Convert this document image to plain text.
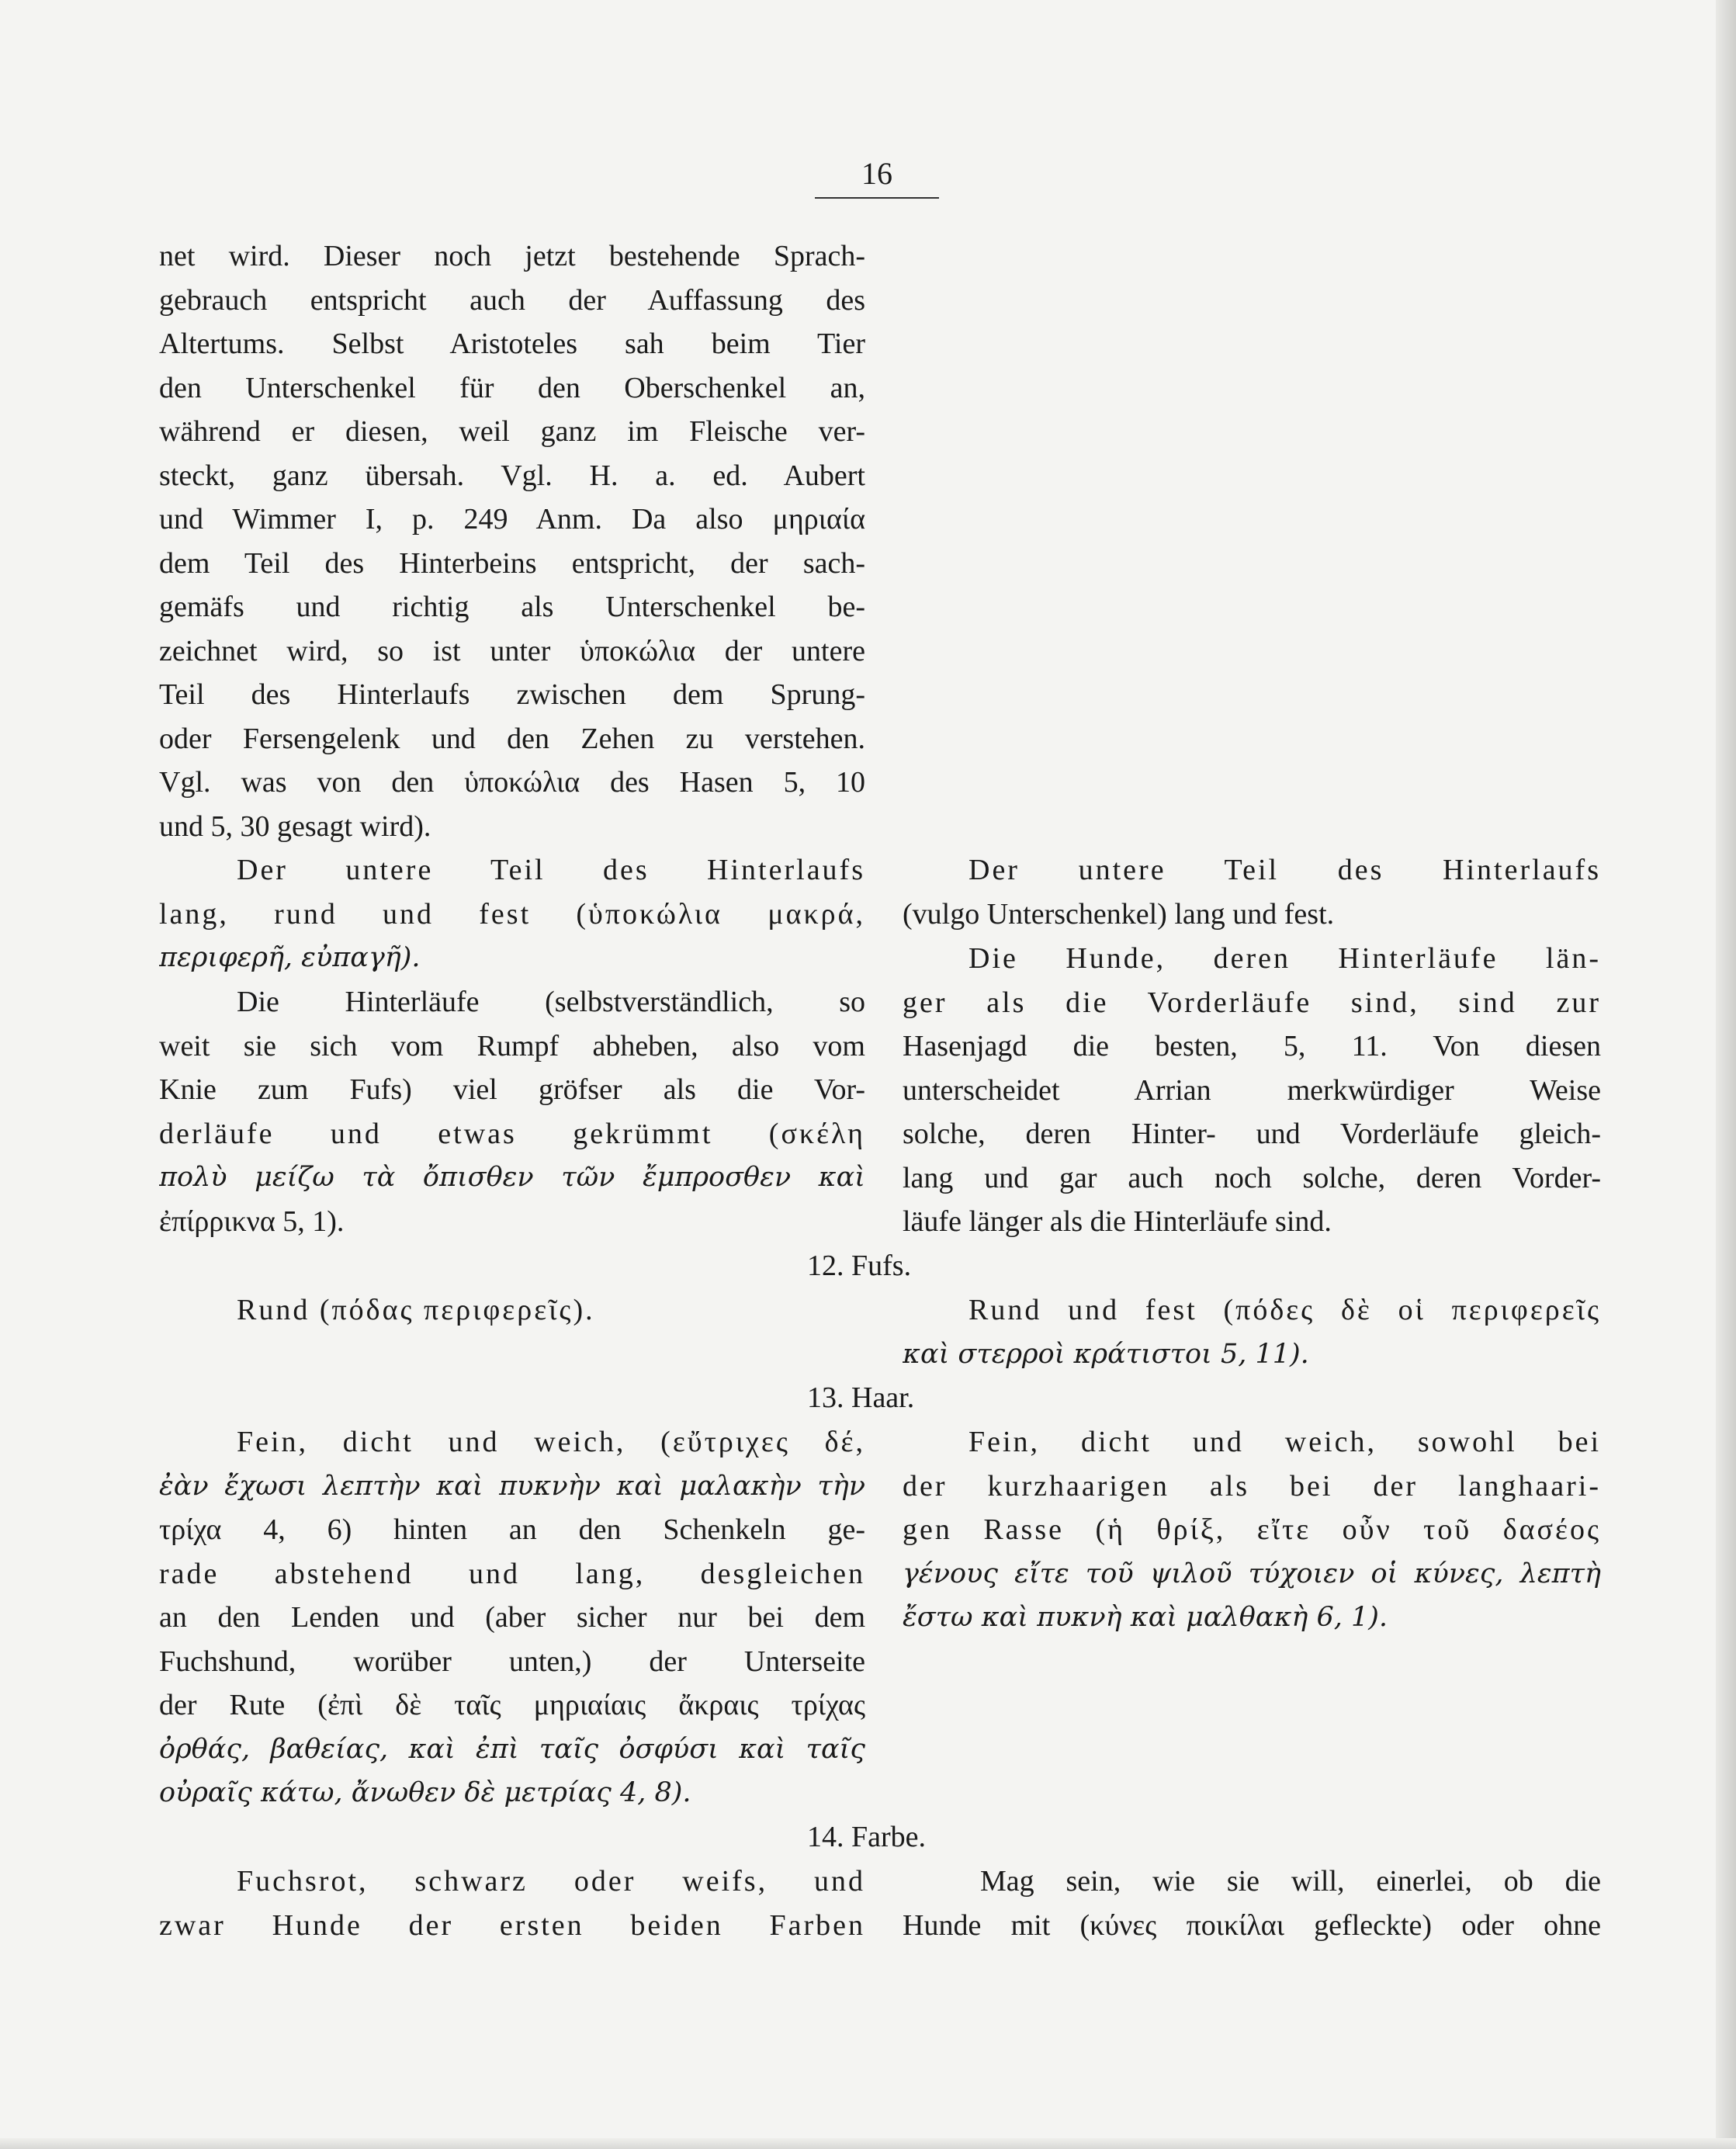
16
net wird. Dieser noch jetzt bestehende Sprach-
gebrauch entspricht auch der Auffassung des
Altertums. Selbst Aristoteles sah beim Tier
den Unterschenkel für den Oberschenkel an,
während er diesen, weil ganz im Fleische ver-
steckt, ganz übersah. Vgl. H. a. ed. Aubert
und Wimmer I, p. 249 Anm. Da also μηριαία
dem Teil des Hinterbeins entspricht, der sach-
gemäfs und richtig als Unterschenkel be-
zeichnet wird, so ist unter ὑποκώλια der untere
Teil des Hinterlaufs zwischen dem Sprung-
oder Fersengelenk und den Zehen zu verstehen.
Vgl. was von den ὑποκώλια des Hasen 5, 10
und 5, 30 gesagt wird).
Der untere Teil des Hinterlaufs
lang, rund und fest (ὑποκώλια μακρά,
περιφερῆ, εὐπαγῆ).
Die Hinterläufe (selbstverständlich, so
weit sie sich vom Rumpf abheben, also vom
Knie zum Fufs) viel gröfser als die Vor-
derläufe und etwas gekrümmt (σκέλη
πολὺ μείζω τὰ ὄπισθεν τῶν ἔμπροσθεν καὶ
ἐπίρρικνα 5, 1).
Rund (πόδας περιφερεῖς).
Fein, dicht und weich, (εὔτριχες δέ,
ἐὰν ἔχωσι λεπτὴν καὶ πυκνὴν καὶ μαλακὴν τὴν
τρίχα 4, 6) hinten an den Schenkeln ge-
rade abstehend und lang, desgleichen
an den Lenden und (aber sicher nur bei dem
Fuchshund, worüber unten,) der Unterseite
der Rute (ἐπὶ δὲ ταῖς μηριαίαις ἄκραις τρίχας
ὀρθάς, βαθείας, καὶ ἐπὶ ταῖς ὀσφύσι καὶ ταῖς
οὐραῖς κάτω, ἄνωθεν δὲ μετρίας 4, 8).
Fuchsrot, schwarz oder weifs, und
zwar Hunde der ersten beiden Farben
Der untere Teil des Hinterlaufs
(vulgo Unterschenkel) lang und fest.
Die Hunde, deren Hinterläufe län-
ger als die Vorderläufe sind, sind zur
Hasenjagd die besten, 5, 11. Von diesen
unterscheidet Arrian merkwürdiger Weise
solche, deren Hinter- und Vorderläufe gleich-
lang und gar auch noch solche, deren Vorder-
läufe länger als die Hinterläufe sind.
Rund und fest (πόδες δὲ οἱ περιφερεῖς
καὶ στερροὶ κράτιστοι 5, 11).
Fein, dicht und weich, sowohl bei
der kurzhaarigen als bei der langhaari-
gen Rasse (ἡ θρίξ, εἴτε οὖν τοῦ δασέος
γένους εἴτε τοῦ ψιλοῦ τύχοιεν οἱ κύνες, λεπτὴ
ἔστω καὶ πυκνὴ καὶ μαλθακὴ 6, 1).
Mag sein, wie sie will, einerlei, ob die
Hunde mit (κύνες ποικίλαι gefleckte) oder ohne
12. Fufs.
13. Haar.
14. Farbe.
